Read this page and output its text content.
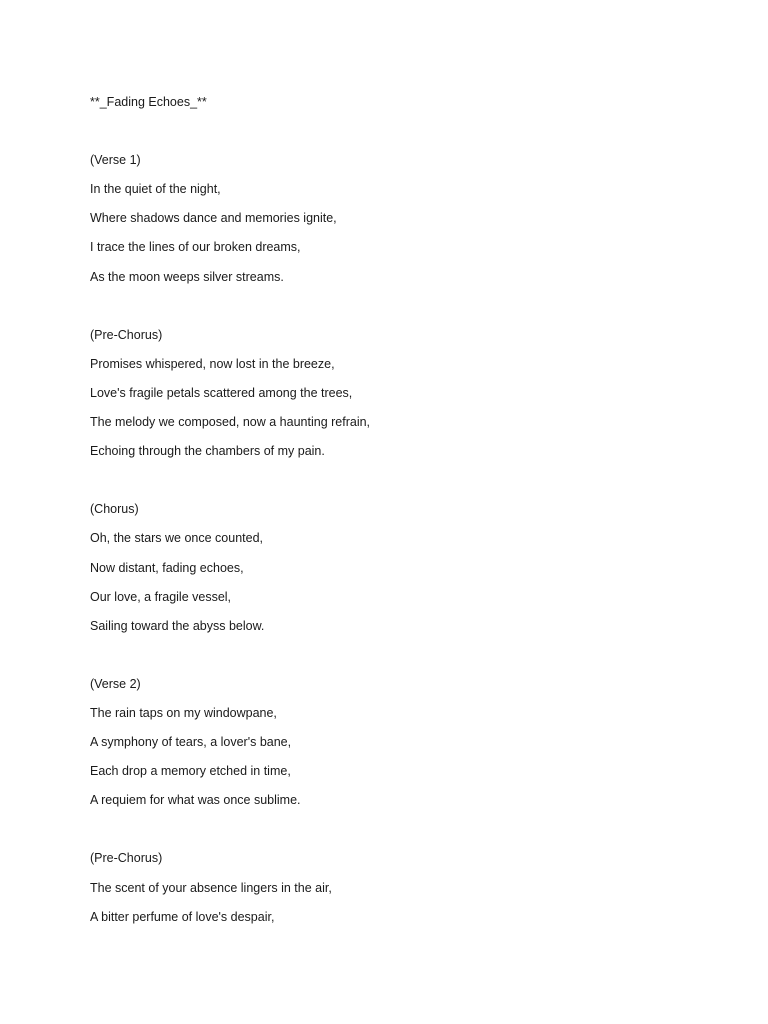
**_Fading Echoes_**
(Verse 1)
In the quiet of the night,
Where shadows dance and memories ignite,
I trace the lines of our broken dreams,
As the moon weeps silver streams.
(Pre-Chorus)
Promises whispered, now lost in the breeze,
Love's fragile petals scattered among the trees,
The melody we composed, now a haunting refrain,
Echoing through the chambers of my pain.
(Chorus)
Oh, the stars we once counted,
Now distant, fading echoes,
Our love, a fragile vessel,
Sailing toward the abyss below.
(Verse 2)
The rain taps on my windowpane,
A symphony of tears, a lover's bane,
Each drop a memory etched in time,
A requiem for what was once sublime.
(Pre-Chorus)
The scent of your absence lingers in the air,
A bitter perfume of love's despair,
